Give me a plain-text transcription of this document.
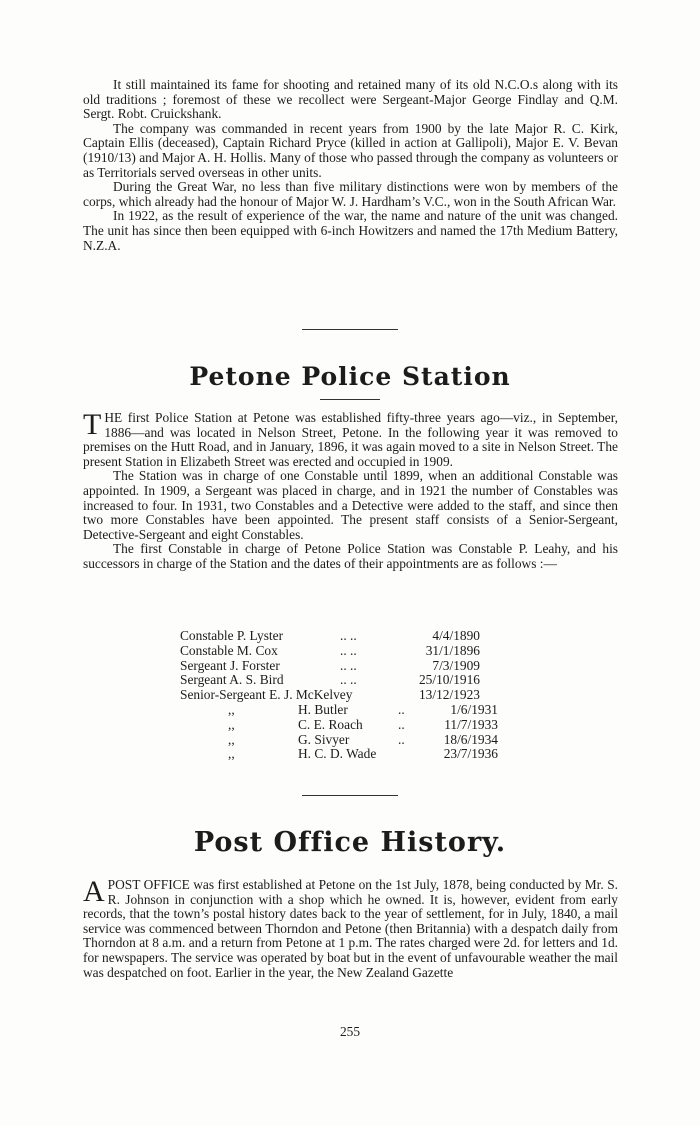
It still maintained its fame for shooting and retained many of its old N.C.O.s along with its old traditions ; foremost of these we recollect were Sergeant-Major George Findlay and Q.M. Sergt. Robt. Cruickshank.

The company was commanded in recent years from 1900 by the late Major R. C. Kirk, Captain Ellis (deceased), Captain Richard Pryce (killed in action at Gallipoli), Major E. V. Bevan (1910/13) and Major A. H. Hollis. Many of those who passed through the company as volunteers or as Territorials served overseas in other units.

During the Great War, no less than five military distinctions were won by members of the corps, which already had the honour of Major W. J. Hardham’s V.C., won in the South African War.

In 1922, as the result of experience of the war, the name and nature of the unit was changed. The unit has since then been equipped with 6-inch Howitzers and named the 17th Medium Battery, N.Z.A.

Petone Police Station

THE first Police Station at Petone was established fifty-three years ago—viz., in September, 1886—and was located in Nelson Street, Petone. In the following year it was removed to premises on the Hutt Road, and in January, 1896, it was again moved to a site in Nelson Street. The present Station in Elizabeth Street was erected and occupied in 1909.

The Station was in charge of one Constable until 1899, when an additional Constable was appointed. In 1909, a Sergeant was placed in charge, and in 1921 the number of Constables was increased to four. In 1931, two Constables and a Detective were added to the staff, and since then two more Constables have been appointed. The present staff consists of a Senior-Sergeant, Detective-Sergeant and eight Constables.

The first Constable in charge of Petone Police Station was Constable P. Leahy, and his successors in charge of the Station and the dates of their appointments are as follows :—

Constable P. Lyster	.. ..	4/4/1890
Constable M. Cox	.. ..	31/1/1896
Sergeant J. Forster	.. ..	7/3/1909
Sergeant A. S. Bird	.. ..	25/10/1916
Senior-Sergeant E. J. McKelvey		13/12/1923
,,	H. Butler	..	1/6/1931
,,	C. E. Roach	..	11/7/1933
,,	G. Sivyer	..	18/6/1934
,,	H. C. D. Wade		23/7/1936
Post Office History.

APOST OFFICE was first established at Petone on the 1st July, 1878, being conducted by Mr. S. R. Johnson in conjunction with a shop which he owned. It is, however, evident from early records, that the town’s postal history dates back to the year of settlement, for in July, 1840, a mail service was commenced between Thorndon and Petone (then Britannia) with a despatch daily from Thorndon at 8 a.m. and a return from Petone at 1 p.m. The rates charged were 2d. for letters and 1d. for newspapers. The service was operated by boat but in the event of unfavourable weather the mail was despatched on foot. Earlier in the year, the New Zealand Gazette

255
